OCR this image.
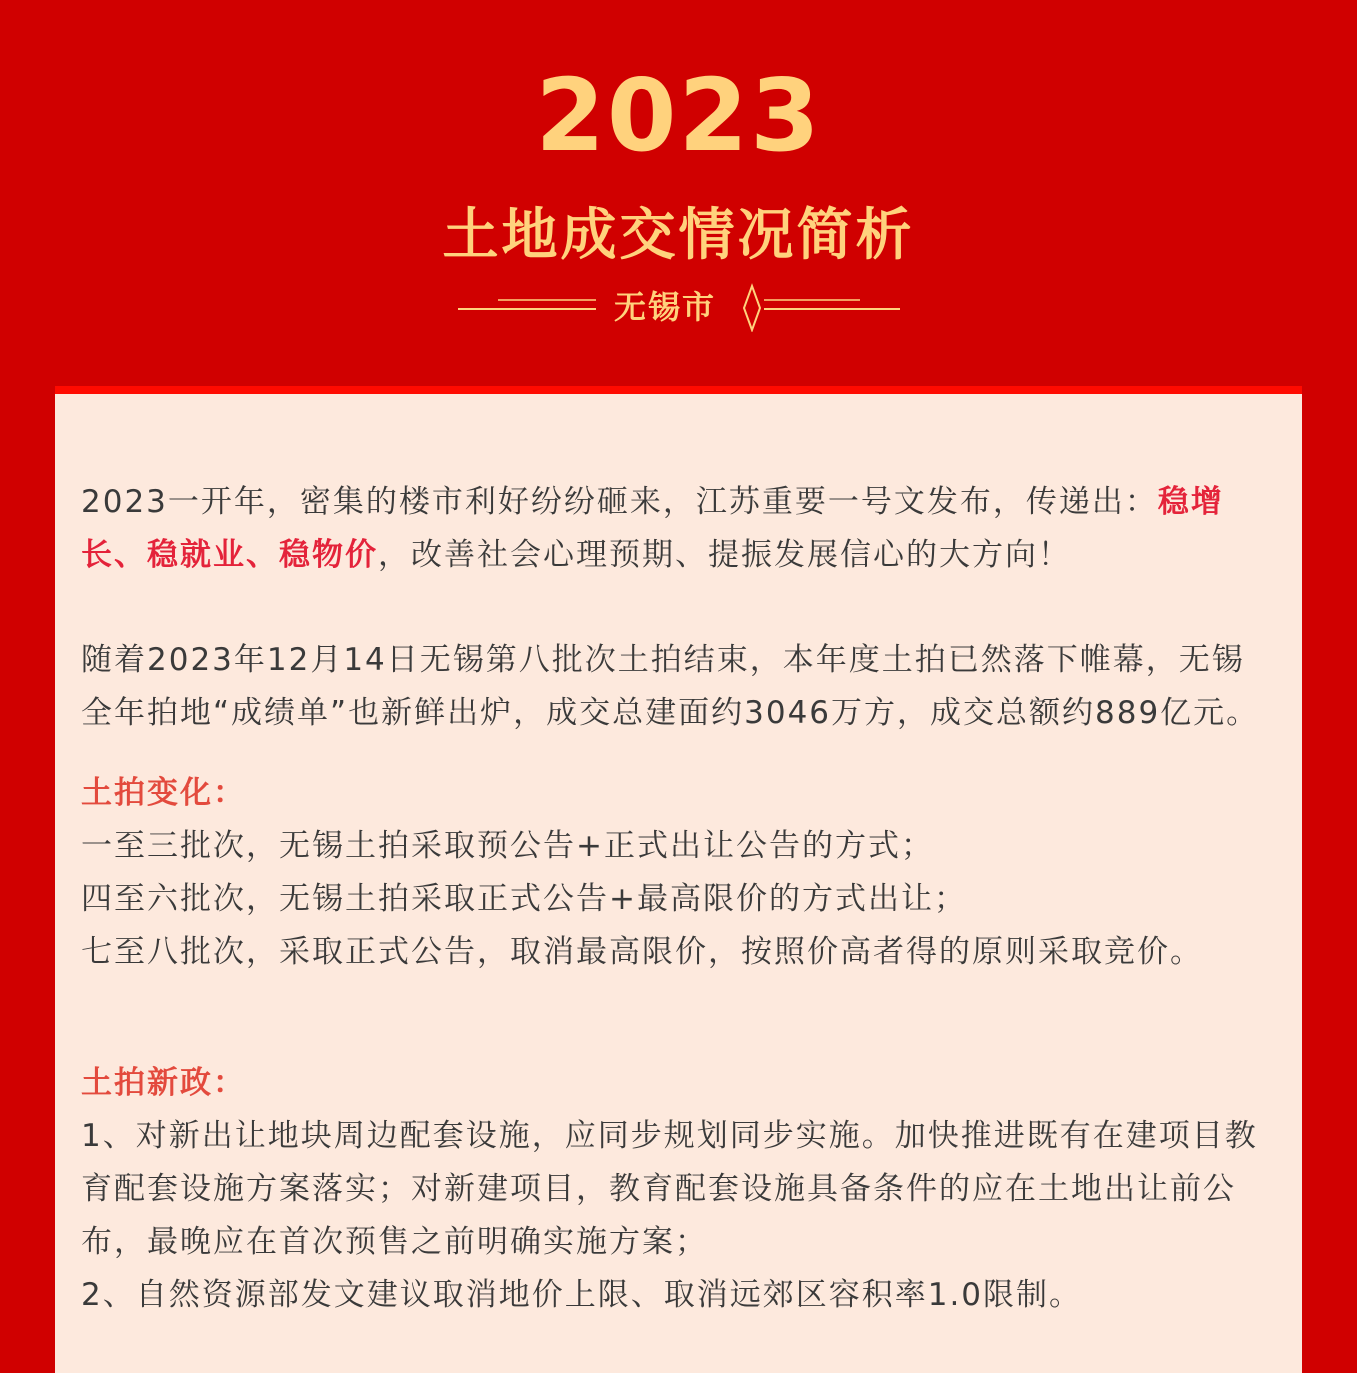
2023
土地成交情况简析
无锡市

2023一开年，密集的楼市利好纷纷砸来，江苏重要一号文发布，传递出：稳增长、稳就业、稳物价，改善社会心理预期、提振发展信心的大方向！

随着2023年12月14日无锡第八批次土拍结束，本年度土拍已然落下帷幕，无锡全年拍地“成绩单”也新鲜出炉，成交总建面约3046万方，成交总额约889亿元。

土拍变化：

一至三批次，无锡土拍采取预公告+正式出让公告的方式；

四至六批次，无锡土拍采取正式公告+最高限价的方式出让；

七至八批次，采取正式公告，取消最高限价，按照价高者得的原则采取竞价。

土拍新政：

1、对新出让地块周边配套设施，应同步规划同步实施。加快推进既有在建项目教育配套设施方案落实；对新建项目，教育配套设施具备条件的应在土地出让前公布，最晚应在首次预售之前明确实施方案；

2、自然资源部发文建议取消地价上限、取消远郊区容积率1.0限制。
